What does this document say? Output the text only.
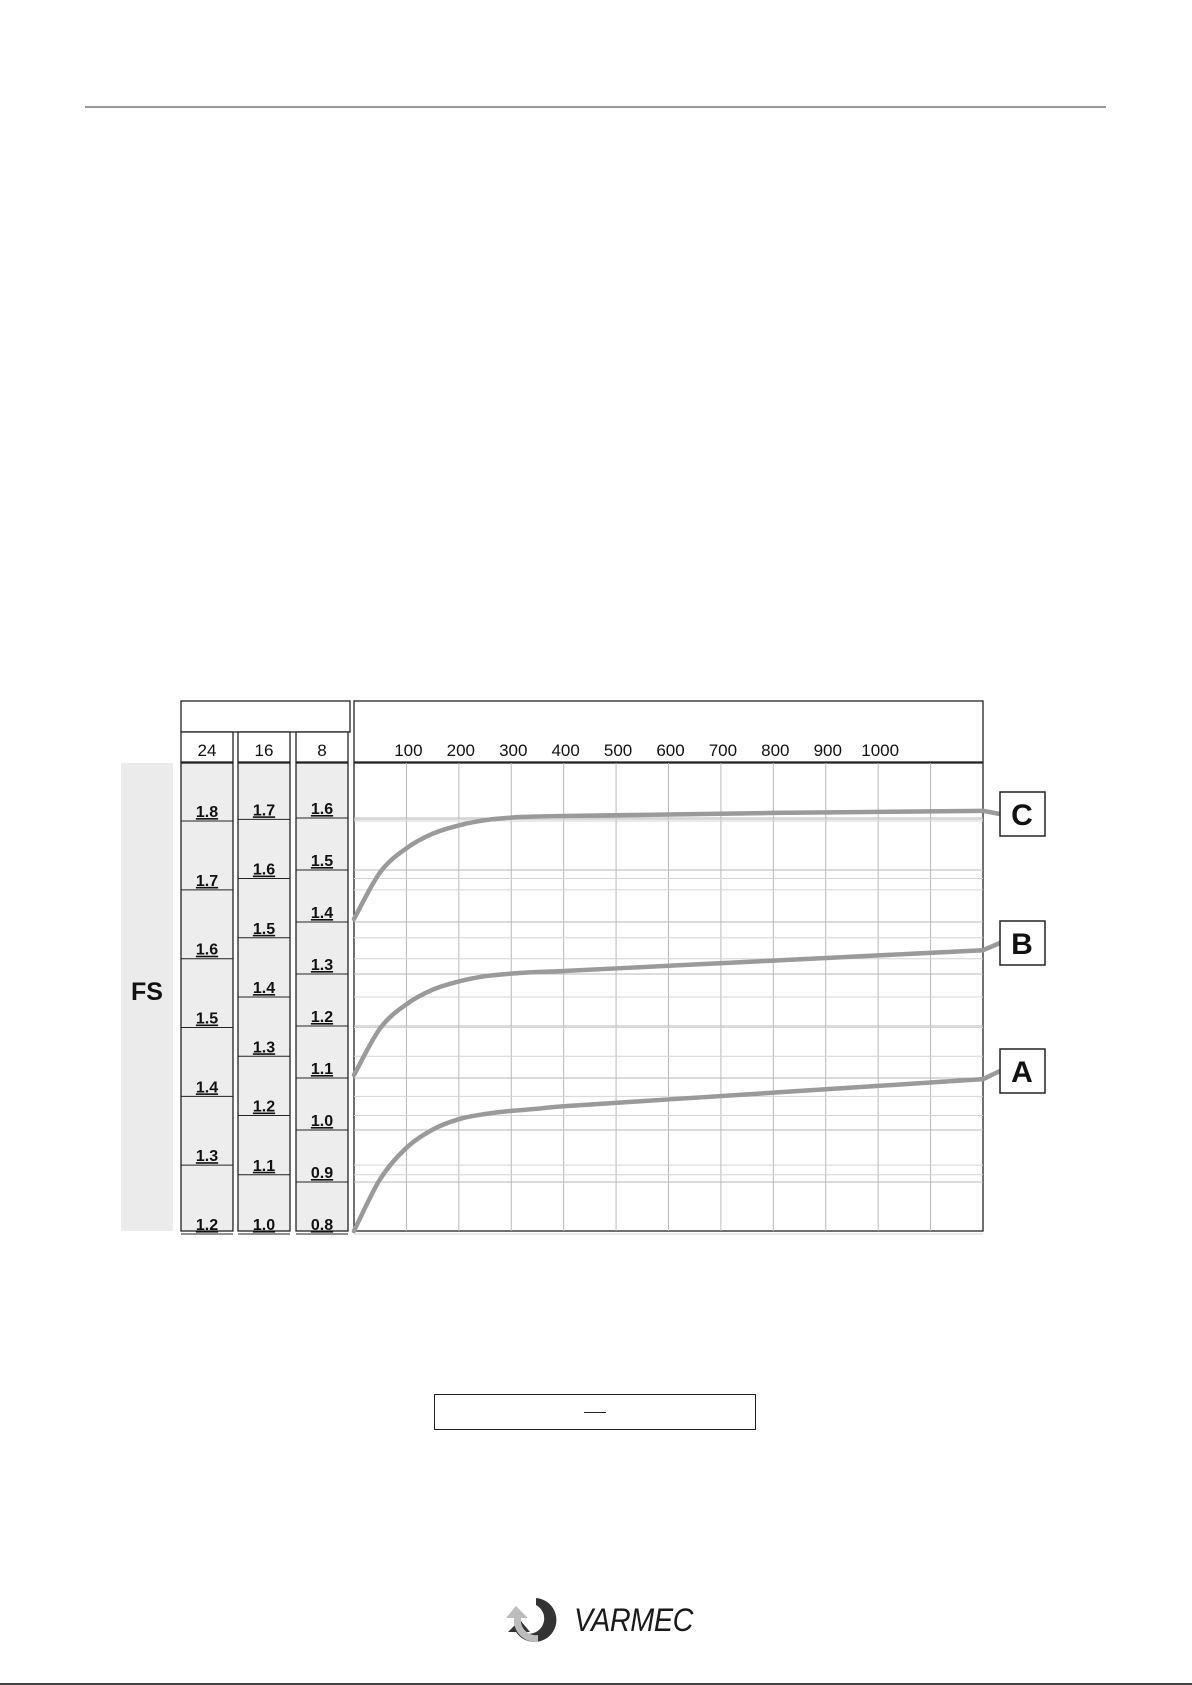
FS
24
1.8
1.7
1.6
1.5
1.4
1.3
1.2
16
1.7
1.6
1.5
1.4
1.3
1.2
1.1
1.0
8
1.6
1.5
1.4
1.3
1.2
1.1
1.0
0.9
0.8
100 200 300 400 500 600 700 800 900 1000
C
B
A
VARMEC
